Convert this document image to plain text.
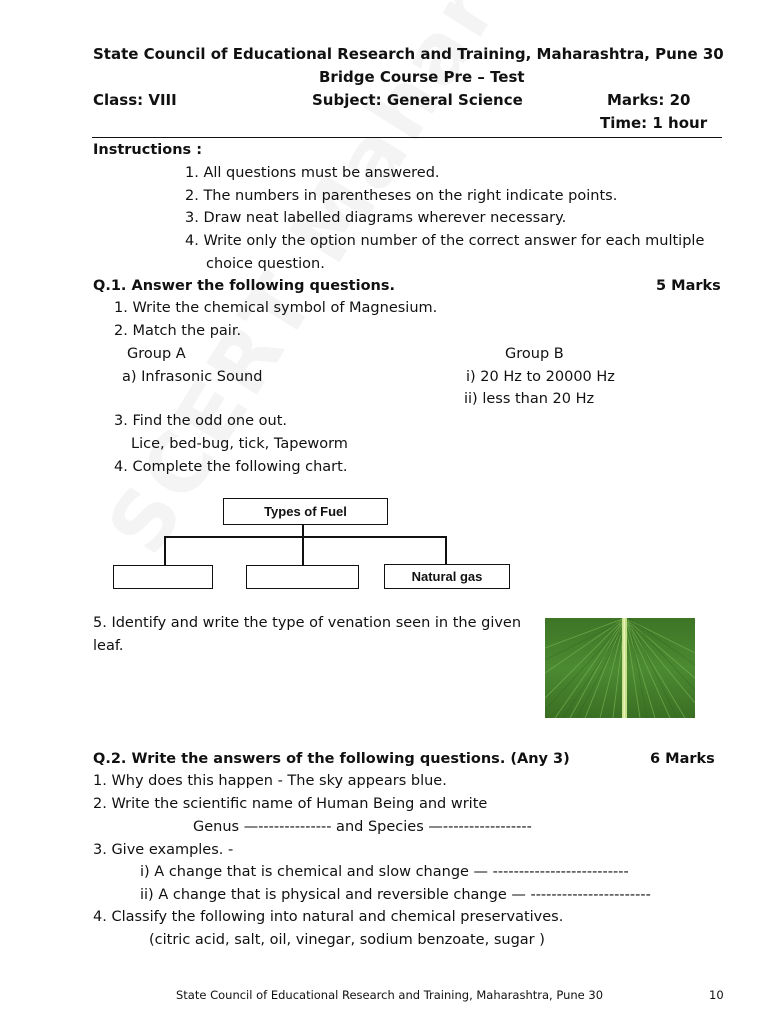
State Council of Educational Research and Training, Maharashtra, Pune 30
Bridge Course Pre – Test
Class: VIII	Subject: General Science	Marks: 20
Time: 1 hour
Instructions :
1. All questions must be answered.
2. The numbers in parentheses on the right indicate points.
3. Draw neat labelled diagrams wherever necessary.
4. Write only the option number of the correct answer for each multiple
choice question.
Q.1. Answer the following questions.	5 Marks
1. Write the chemical symbol of Magnesium.
2. Match the pair.
Group A	Group B
a) Infrasonic Sound	i) 20 Hz to 20000 Hz
ii) less than 20 Hz
3. Find the odd one out.
Lice, bed-bug, tick, Tapeworm
4. Complete the following chart.
Types of Fuel
Natural gas
5. Identify and write the type of venation seen in the given
leaf.
Q.2. Write the answers of the following questions. (Any 3)	6 Marks
1. Why does this happen - The sky appears blue.
2. Write the scientific name of Human Being and write
Genus —-------------- and Species —-----------------
3. Give examples. -
i) A change that is chemical and slow change — --------------------------
ii) A change that is physical and reversible change — -----------------------
4. Classify the following into natural and chemical preservatives.
(citric acid, salt, oil, vinegar, sodium benzoate, sugar )
State Council of Educational Research and Training, Maharashtra, Pune 30	10
